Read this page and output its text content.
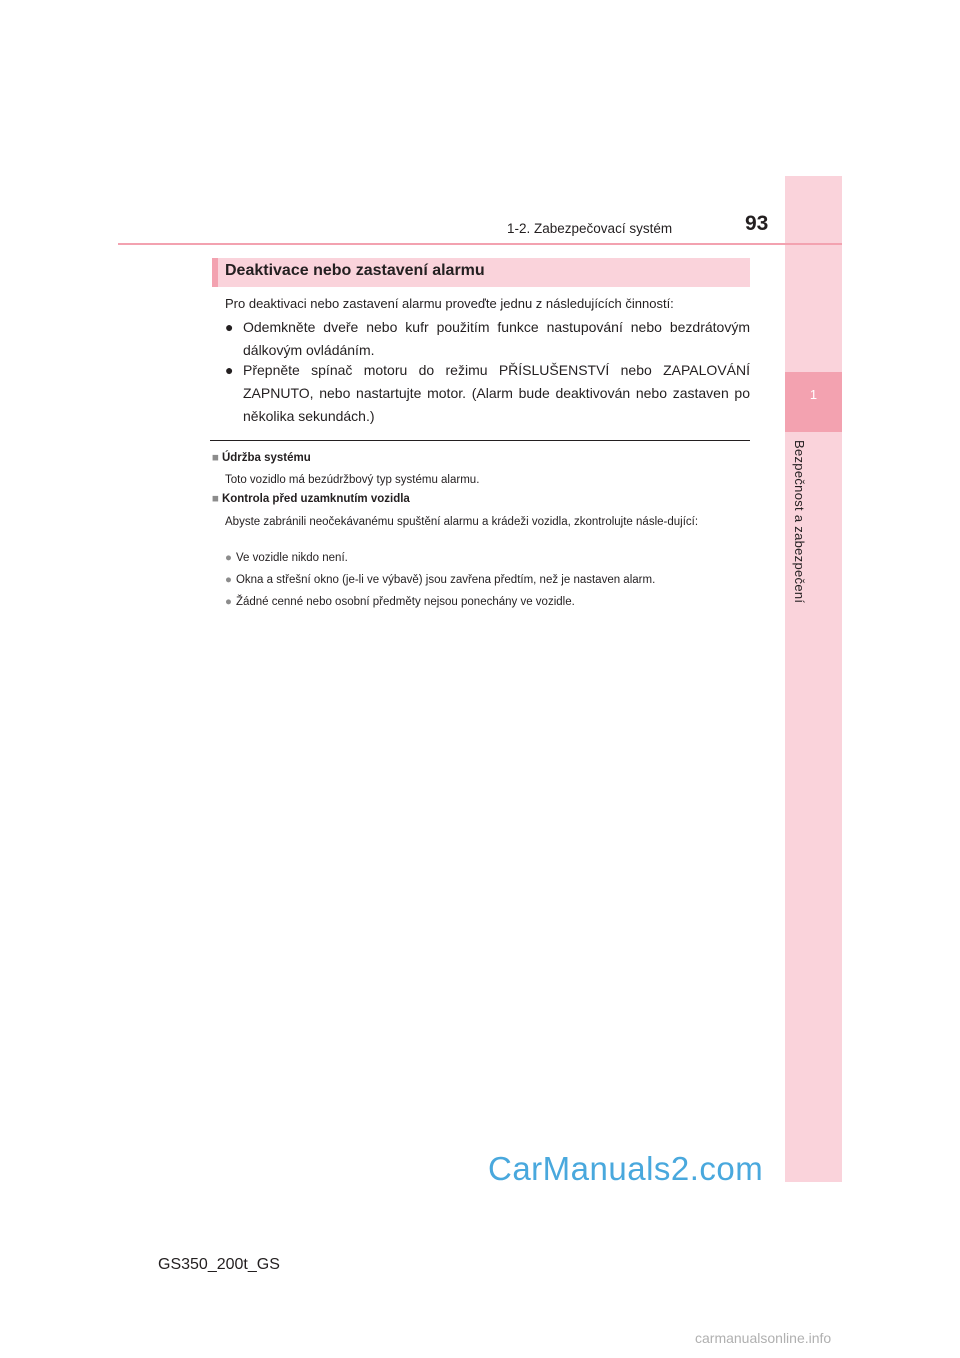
1
Bezpečnost a zabezpečení
1-2. Zabezpečovací systém	93
Deaktivace nebo zastavení alarmu
Pro deaktivaci nebo zastavení alarmu proveďte jednu z následujících činností:
● Odemkněte dveře nebo kufr použitím funkce nastupování nebo bezdrátovým dálkovým ovládáním.
● Přepněte spínač motoru do režimu PŘÍSLUŠENSTVÍ nebo ZAPALOVÁNÍ ZAPNUTO, nebo nastartujte motor. (Alarm bude deaktivován nebo zastaven po několika sekundách.)
■ Údržba systému
Toto vozidlo má bezúdržbový typ systému alarmu.
■ Kontrola před uzamknutím vozidla
Abyste zabránili neočekávanému spuštění alarmu a krádeži vozidla, zkontrolujte násle-dující:
● Ve vozidle nikdo není.
● Okna a střešní okno (je-li ve výbavě) jsou zavřena předtím, než je nastaven alarm.
● Žádné cenné nebo osobní předměty nejsou ponechány ve vozidle.
CarManuals2.com
GS350_200t_GS
carmanualsonline.info
